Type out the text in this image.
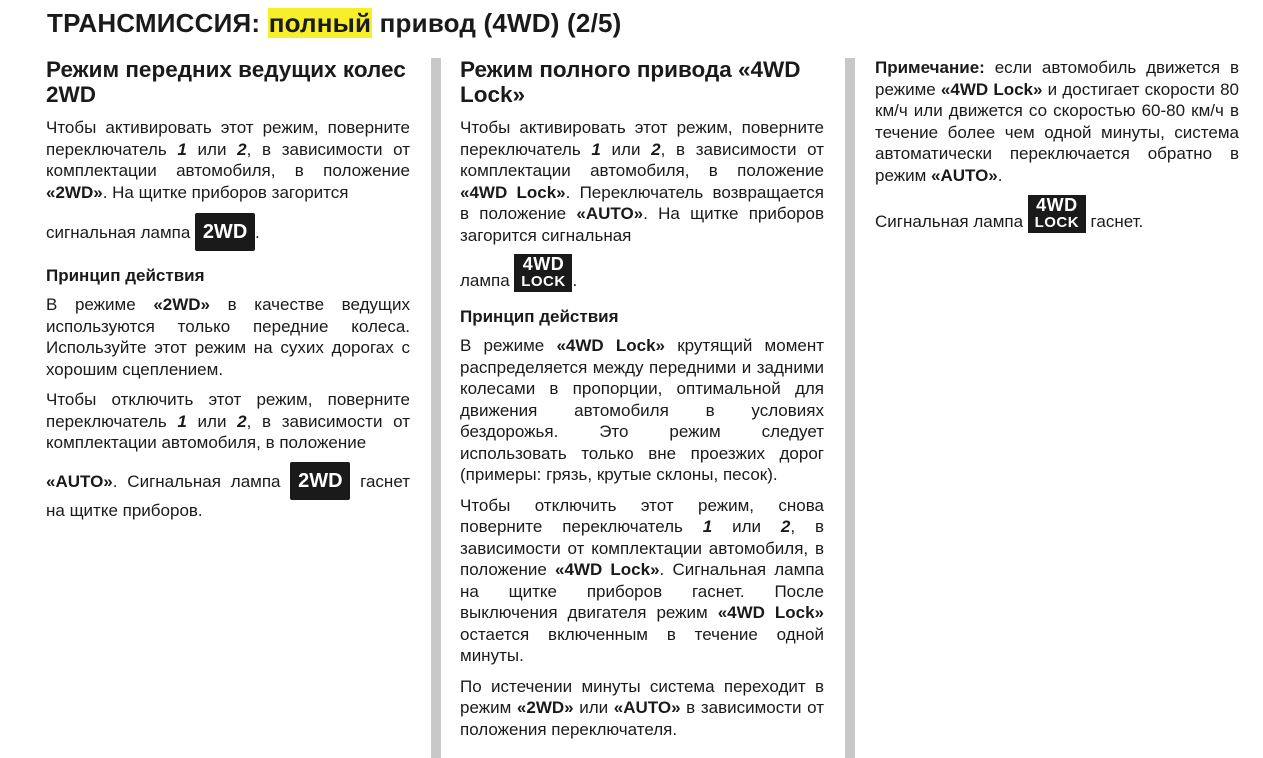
ТРАНСМИССИЯ: полный привод (4WD) (2/5)
Режим передних ведущих колес 2WD

Чтобы активировать этот режим, поверните переключатель 1 или 2, в зависимости от комплектации автомобиля, в положение «2WD». На щитке приборов загорится
сигнальная лампа 2WD .

Принцип действия

В режиме «2WD» в качестве ведущих используются только передние колеса. Используйте этот режим на сухих дорогах с хорошим сцеплением.

Чтобы отключить этот режим, поверните переключатель 1 или 2, в зависимости от комплектации автомобиля, в положение
«AUTO». Сигнальная лампа 2WD гаснет на щитке приборов.

Режим полного привода «4WD Lock»

Чтобы активировать этот режим, поверните переключатель 1 или 2, в зависимости от комплектации автомобиля, в положение «4WD Lock». Переключатель возвращается в положение «AUTO». На щитке приборов загорится сигнальная
лампа
4WD
LOCK .

Принцип действия

В режиме «4WD Lock» крутящий момент распределяется между передними и задними колесами в пропорции, оптимальной для движения автомобиля в условиях бездорожья. Это режим следует использовать только вне проезжих дорог (примеры: грязь, крутые склоны, песок).

Чтобы отключить этот режим, снова поверните переключатель 1 или 2, в зависимости от комплектации автомобиля, в положение «4WD Lock». Сигнальная лампа на щитке приборов гаснет. После выключения двигателя режим «4WD Lock» остается включенным в течение одной минуты.

По истечении минуты система переходит в режим «2WD» или «AUTO» в зависимости от положения переключателя.

Примечание: если автомобиль движется в режиме «4WD Lock» и достигает скорости 80 км/ч или движется со скоростью 60-80 км/ч в течение более чем одной минуты, система автоматически переключается обратно в режим «AUTO».

Сигнальная лампа
4WD
LOCK гаснет.
